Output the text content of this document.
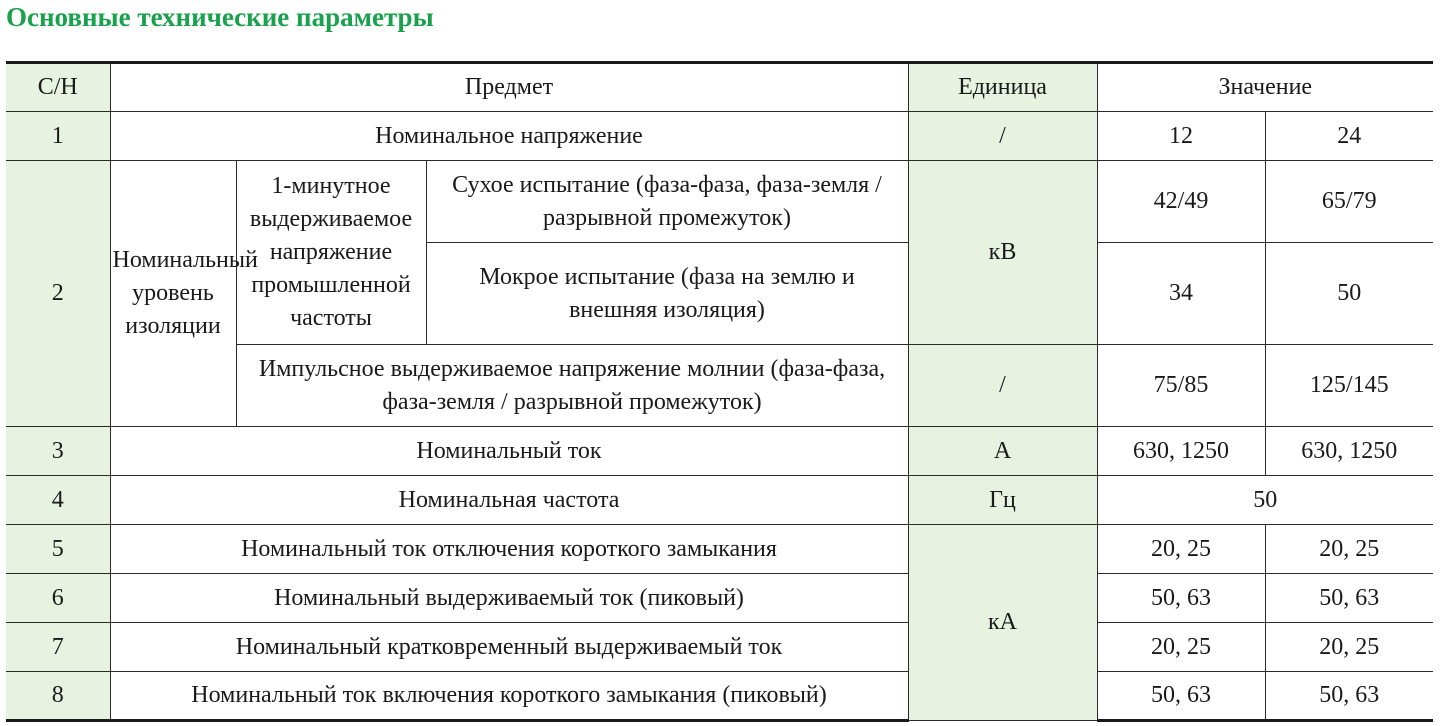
Основные технические параметры
С/Н	Предмет			Единица	Значение	
1	Номинальное напряжение			/	12	24
2	Номинальный уровень изоляции	1-минутное выдерживаемое напряжение промышленной частоты	Сухое испытание (фаза-фаза, фаза-земля / разрывной промежуток)	кВ	42/49	65/79
			Мокрое испытание (фаза на землю и внешняя изоляция)		34	50
		Импульсное выдерживаемое напряжение молнии (фаза-фаза, фаза-земля / разрывной промежуток)		/	75/85	125/145
3	Номинальный ток			A	630, 1250	630, 1250
4	Номинальная частота			Гц	50	
5	Номинальный ток отключения короткого замыкания			кА	20, 25	20, 25
6	Номинальный выдерживаемый ток (пиковый)				50, 63	50, 63
7	Номинальный кратковременный выдерживаемый ток				20, 25	20, 25
8	Номинальный ток включения короткого замыкания (пиковый)				50, 63	50, 63
